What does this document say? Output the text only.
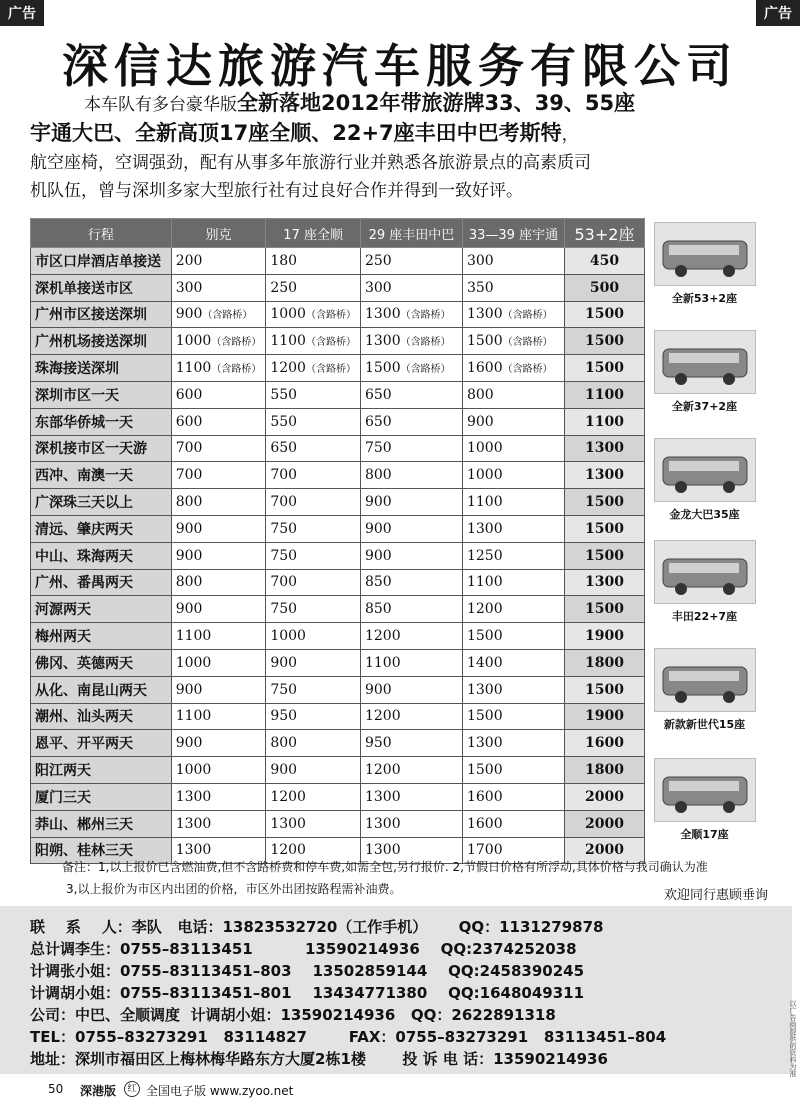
广告	广告
深信达旅游汽车服务有限公司
本车队有多台豪华版全新落地2012年带旅游牌33、39、55座
宇通大巴、全新高顶17座全顺、22+7座丰田中巴考斯特，
航空座椅，空调强劲，配有从事多年旅游行业并熟悉各旅游景点的高素质司
机队伍，曾与深圳多家大型旅行社有过良好合作并得到一致好评。
行程	别克	17 座全顺	29 座丰田中巴	33—39 座宇通	53+2座
市区口岸酒店单接送	200	180	250	300	450
深机单接送市区	300	250	300	350	500
广州市区接送深圳	900（含路桥）	1000（含路桥）	1300（含路桥）	1300（含路桥）	1500
广州机场接送深圳	1000（含路桥）	1100（含路桥）	1300（含路桥）	1500（含路桥）	1500
珠海接送深圳	1100（含路桥）	1200（含路桥）	1500（含路桥）	1600（含路桥）	1500
深圳市区一天	600	550	650	800	1100
东部华侨城一天	600	550	650	900	1100
深机接市区一天游	700	650	750	1000	1300
西冲、南澳一天	700	700	800	1000	1300
广深珠三天以上	800	700	900	1100	1500
清远、肇庆两天	900	750	900	1300	1500
中山、珠海两天	900	750	900	1250	1500
广州、番禺两天	800	700	850	1100	1300
河源两天	900	750	850	1200	1500
梅州两天	1100	1000	1200	1500	1900
佛冈、英德两天	1000	900	1100	1400	1800
从化、南昆山两天	900	750	900	1300	1500
潮州、汕头两天	1100	950	1200	1500	1900
恩平、开平两天	900	800	950	1300	1600
阳江两天	1000	900	1200	1500	1800
厦门三天	1300	1200	1300	1600	2000
莽山、郴州三天	1300	1300	1300	1600	2000
阳朔、桂林三天	1300	1200	1300	1700	2000
全新53+2座
全新37+2座
金龙大巴35座
丰田22+7座
新款新世代15座
全顺17座
备注：1,以上报价已含燃油费,但不含路桥费和停车费,如需全包,另行报价. 2,节假日价格有所浮动,具体价格与我司确认为准
3,以上报价为市区内出团的价格，市区外出团按路程需补油费。	欢迎同行惠顾垂询
联    系    人：李队   电话：13823532720（工作手机）      QQ：1131279878
总计调李生：0755–83113451          13590214936    QQ:2374252038
计调张小姐：0755–83113451–803    13502859144    QQ:2458390245
计调胡小姐：0755–83113451–801    13434771380    QQ:1648049311
公司：中巴、全顺调度  计调胡小姐：13590214936   QQ：2622891318
TEL：0755–83273291   83114827        FAX：0755–83273291   83113451–804
地址：深圳市福田区上梅林梅华路东方大厦2栋1楼       投 诉 电 话：13590214936
50 深港版	红 全国电子版 www.zyoo.net
以广告商提供的资料为准
